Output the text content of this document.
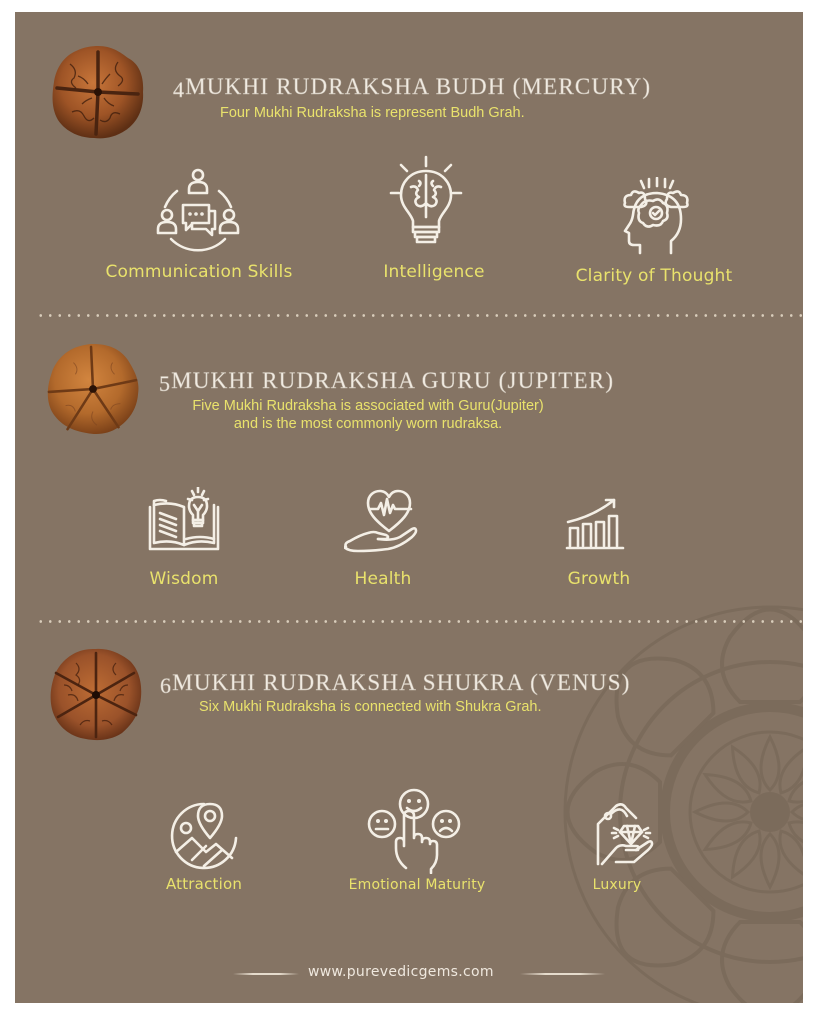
4MUKHI RUDRAKSHA BUDH (MERCURY)
Four Mukhi Rudraksha is represent Budh Grah.
Communication Skills	Intelligence	Clarity of Thought
5MUKHI RUDRAKSHA GURU (JUPITER)
Five Mukhi Rudraksha is associated with Guru(Jupiter)
and is the most commonly worn rudraksa.
Wisdom	Health	Growth
6MUKHI RUDRAKSHA SHUKRA (VENUS)
Six Mukhi Rudraksha is connected with Shukra Grah.
Attraction	Emotional Maturity	Luxury
www.purevedicgems.com
